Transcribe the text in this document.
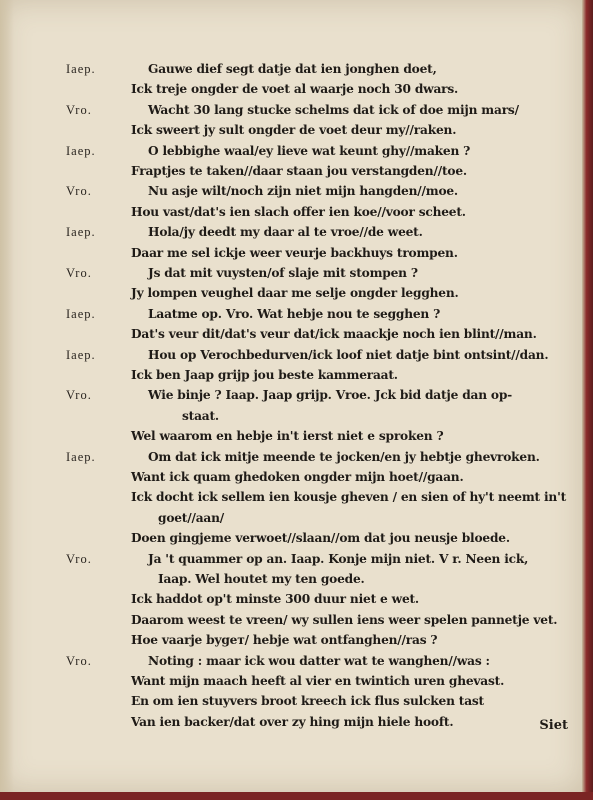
Iaep.	Gauwe dief segt datje dat ien jonghen doet,
Ick treje ongder de voet al waarje noch 30 dwars.
Vro.	Wacht 30 lang stucke schelms dat ick of doe mijn mars/
Ick sweert jy sult ongder de voet deur my//raken.
Iaep.	O lebbighe waal/ey lieve wat keunt ghy//maken ?
Fraptjes te taken//daar staan jou verstangden//toe.
Vro.	Nu asje wilt/noch zijn niet mijn hangden//moe.
Hou vast/dat's ien slach offer ien koe//voor scheet.
Iaep.	Hola/jy deedt my daar al te vroe//de weet.
Daar me sel ickje weer veurje backhuys trompen.
Vro.	Js dat mit vuysten/of slaje mit stompen ?
Jy lompen veughel daar me selje ongder legghen.
Iaep.	Laatme op. Vro. Wat hebje nou te segghen ?
Dat's veur dit/dat's veur dat/ick maackje noch ien blint//man.
Iaep.	Hou op Verochbedurven/ick loof niet datje bint ontsint//dan.
Ick ben Jaap grijp jou beste kammeraat.
Vro.	Wie binje ? Iaap. Jaap grijp. Vroe. Jck bid datje dan op-
staat.
Wel waarom en hebje in't ierst niet e sproken ?
Iaep.	Om dat ick mitje meende te jocken/en jy hebtje ghevroken.
Want ick quam ghedoken ongder mijn hoet//gaan.
Ick docht ick sellem ien kousje gheven / en sien of hy't neemt in't
goet//aan/
Doen gingjeme verwoet//slaan//om dat jou neusje bloede.
Vro.	Ja 't quammer op an. Iaap. Konje mijn niet. V r. Neen ick,
Iaap. Wel houtet my ten goede.
Ick haddot op't minste 300 duur niet e wet.
Daarom weest te vreen/ wy sullen iens weer spelen pannetje vet.
Hoe vaarje bygeт/ hebje wat ontfanghen//ras ?
Vro.	Noting : maar ick wou datter wat te wanghen//was :
Want mijn maach heeft al vier en twintich uren ghevast.
En om ien stuyvers broot kreech ick flus sulcken tast
Van ien backer/dat over zy hing mijn hiele hooft.	Siet
